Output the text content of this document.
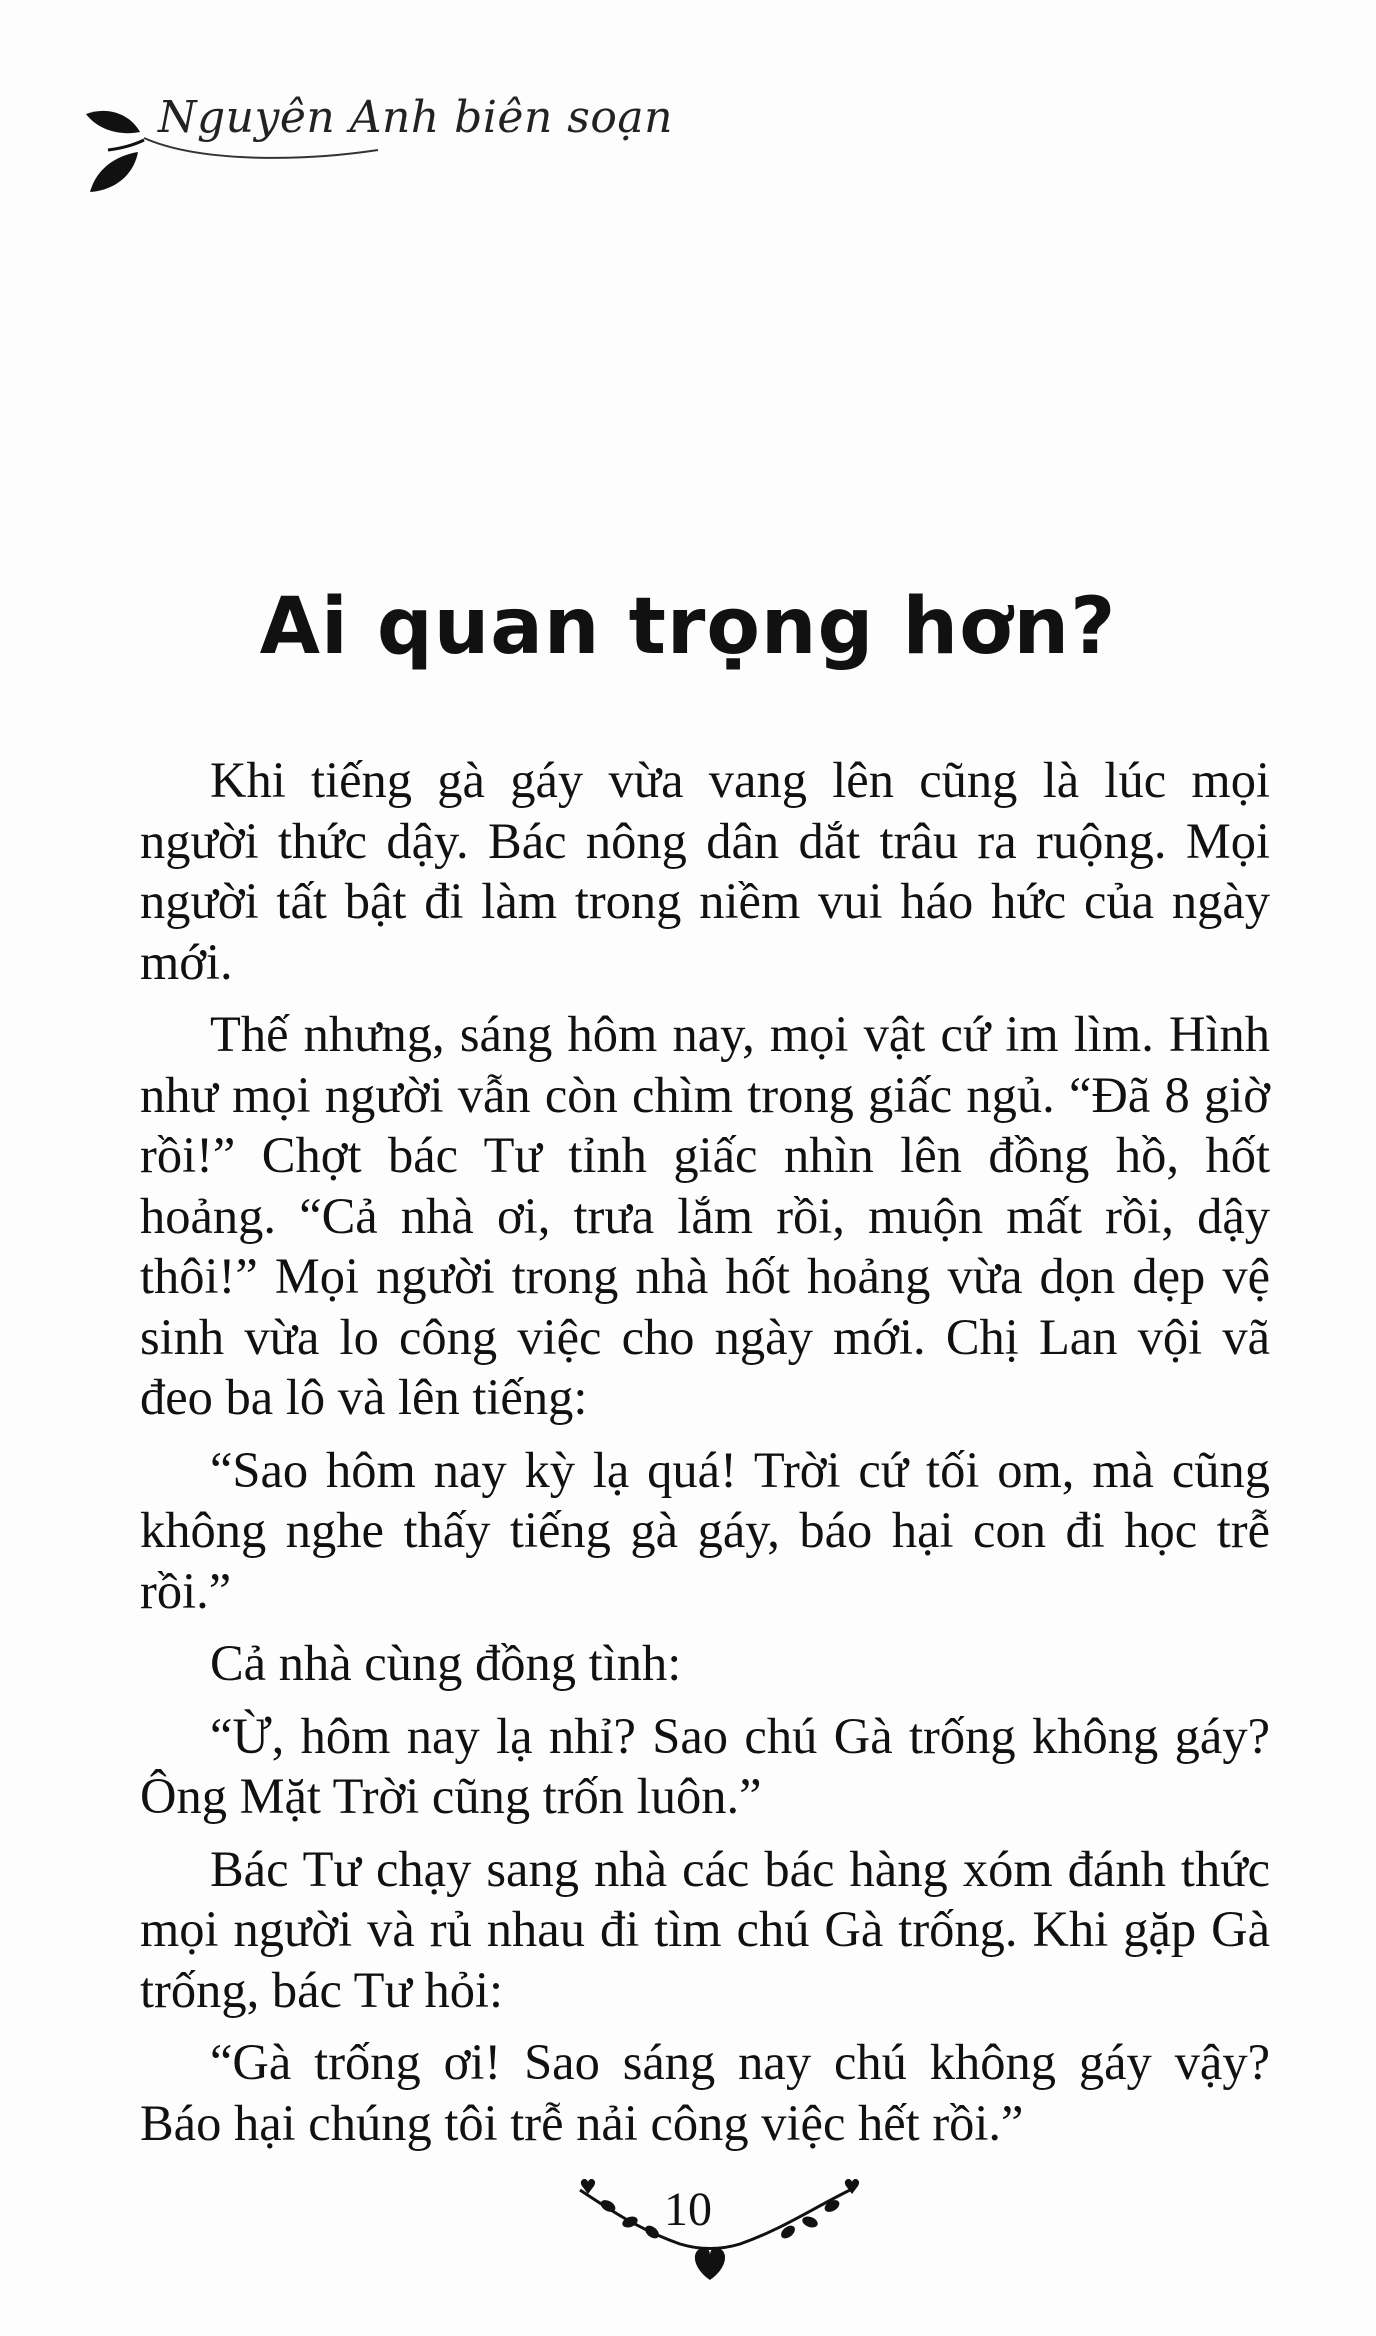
Nguyên Anh biên soạn
Ai quan trọng hơn?

Khi tiếng gà gáy vừa vang lên cũng là lúc mọi người thức dậy. Bác nông dân dắt trâu ra ruộng. Mọi người tất bật đi làm trong niềm vui háo hức của ngày mới.

Thế nhưng, sáng hôm nay, mọi vật cứ im lìm. Hình như mọi người vẫn còn chìm trong giấc ngủ. “Đã 8 giờ rồi!” Chợt bác Tư tỉnh giấc nhìn lên đồng hồ, hốt hoảng. “Cả nhà ơi, trưa lắm rồi, muộn mất rồi, dậy thôi!” Mọi người trong nhà hốt hoảng vừa dọn dẹp vệ sinh vừa lo công việc cho ngày mới. Chị Lan vội vã đeo ba lô và lên tiếng:

“Sao hôm nay kỳ lạ quá! Trời cứ tối om, mà cũng không nghe thấy tiếng gà gáy, báo hại con đi học trễ rồi.”

Cả nhà cùng đồng tình:

“Ừ, hôm nay lạ nhỉ? Sao chú Gà trống không gáy? Ông Mặt Trời cũng trốn luôn.”

Bác Tư chạy sang nhà các bác hàng xóm đánh thức mọi người và rủ nhau đi tìm chú Gà trống. Khi gặp Gà trống, bác Tư hỏi:

“Gà trống ơi! Sao sáng nay chú không gáy vậy? Báo hại chúng tôi trễ nải công việc hết rồi.”

10
